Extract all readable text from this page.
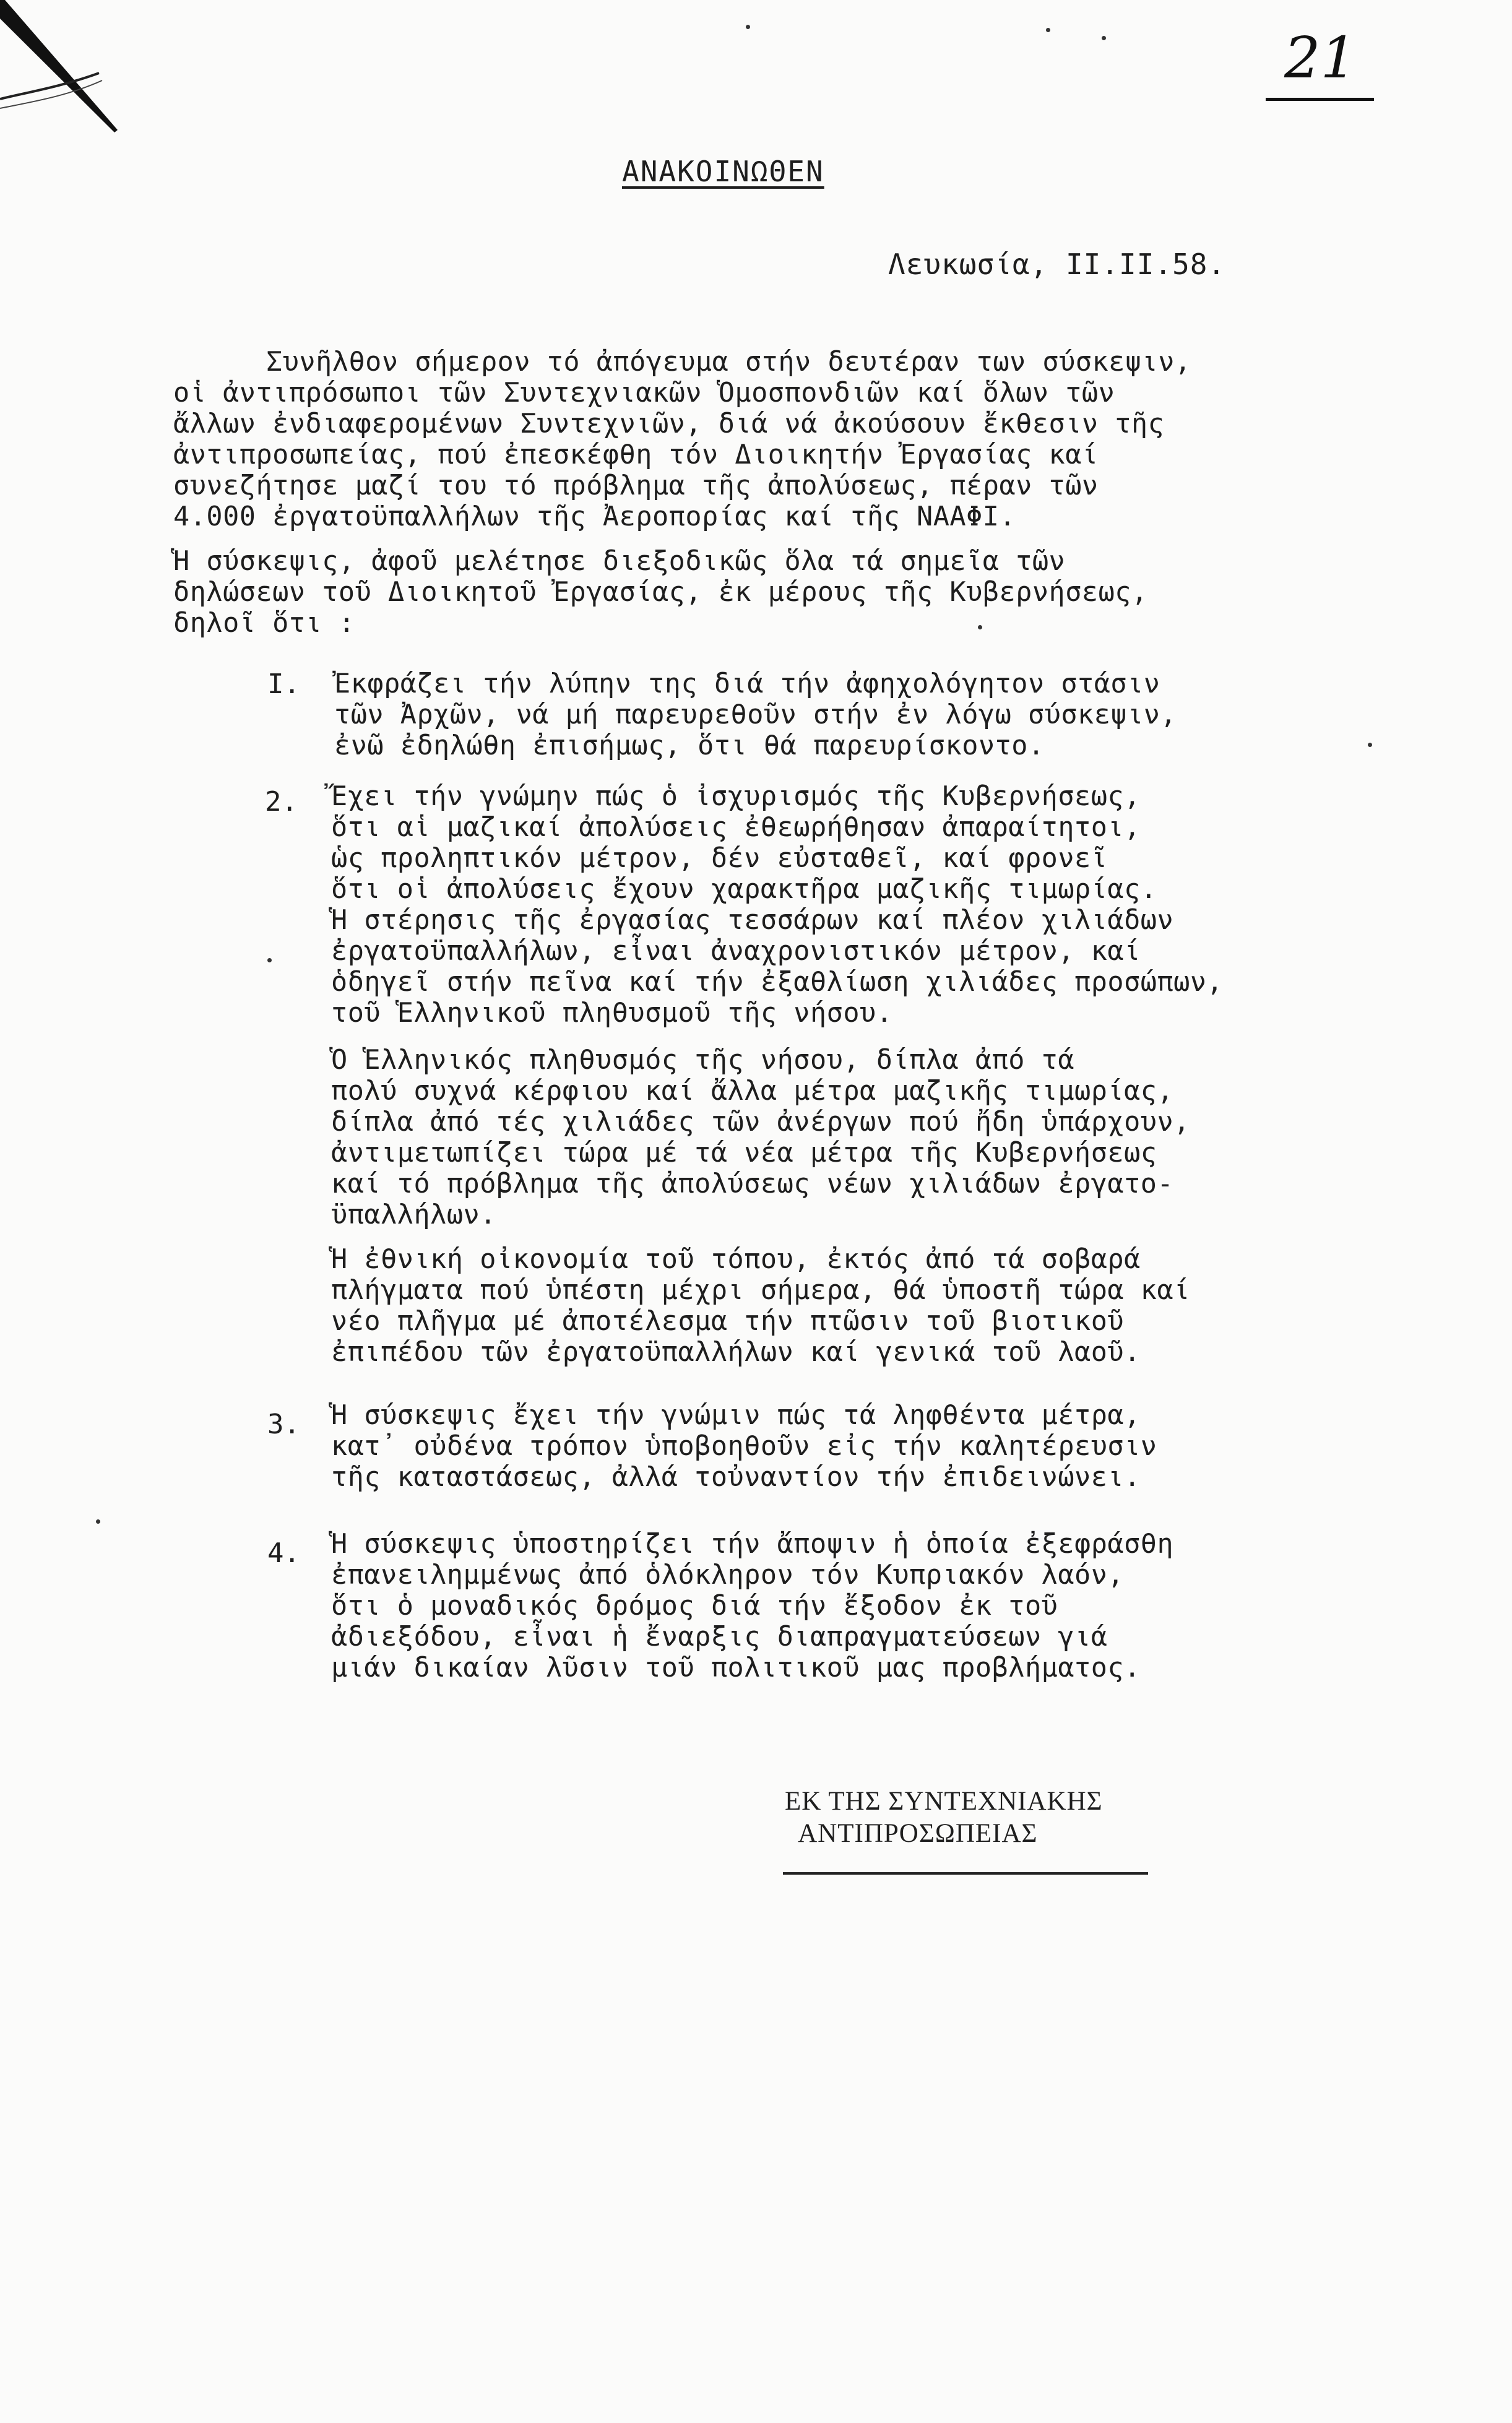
21
ΑΝΑΚΟΙΝΩΘΕΝ
Λευκωσία, ΙΙ.ΙΙ.58.
Συνῆλθον σήμερον τό ἀπόγευμα στήν δευτέραν των σύσκεψιν,
οἱ ἀντιπρόσωποι τῶν Συντεχνιακῶν Ὁμοσπονδιῶν καί ὅλων τῶν
ἄλλων ἐνδιαφερομένων Συντεχνιῶν, διά νά ἀκούσουν ἔκθεσιν τῆς
ἀντιπροσωπείας, πού ἐπεσκέφθη τόν Διοικητήν Ἐργασίας καί
συνεζήτησε μαζί του τό πρόβλημα τῆς ἀπολύσεως, πέραν τῶν
4.000 ἐργατοϋπαλλήλων τῆς Ἀεροπορίας καί τῆς ΝΑΑΦΙ.
Ἡ σύσκεψις, ἀφοῦ μελέτησε διεξοδικῶς ὅλα τά σημεῖα τῶν
δηλώσεων τοῦ Διοικητοῦ Ἐργασίας, ἐκ μέρους τῆς Κυβερνήσεως,
δηλοῖ ὅτι :
I. Ἐκφράζει τήν λύπην της διά τήν ἀφηχολόγητον στάσιν
τῶν Ἀρχῶν, νά μή παρευρεθοῦν στήν ἐν λόγω σύσκεψιν,
ἐνῶ ἐδηλώθη ἐπισήμως, ὅτι θά παρευρίσκοντο.
2. Ἔχει τήν γνώμην πώς ὁ ἰσχυρισμός τῆς Κυβερνήσεως,
ὅτι αἱ μαζικαί ἀπολύσεις ἐθεωρήθησαν ἀπαραίτητοι,
ὡς προληπτικόν μέτρον, δέν εὐσταθεῖ, καί φρονεῖ
ὅτι οἱ ἀπολύσεις ἔχουν χαρακτῆρα μαζικῆς τιμωρίας.
Ἡ στέρησις τῆς ἐργασίας τεσσάρων καί πλέον χιλιάδων
ἐργατοϋπαλλήλων, εἶναι ἀναχρονιστικόν μέτρον, καί
ὁδηγεῖ στήν πεῖνα καί τήν ἐξαθλίωση χιλιάδες προσώπων,
τοῦ Ἑλληνικοῦ πληθυσμοῦ τῆς νήσου.
Ὁ Ἑλληνικός πληθυσμός τῆς νήσου, δίπλα ἀπό τά
πολύ συχνά κέρφιου καί ἄλλα μέτρα μαζικῆς τιμωρίας,
δίπλα ἀπό τές χιλιάδες τῶν ἀνέργων πού ἤδη ὑπάρχουν,
ἀντιμετωπίζει τώρα μέ τά νέα μέτρα τῆς Κυβερνήσεως
καί τό πρόβλημα τῆς ἀπολύσεως νέων χιλιάδων ἐργατο-
ϋπαλλήλων.
Ἡ ἐθνική οἰκονομία τοῦ τόπου, ἐκτός ἀπό τά σοβαρά
πλήγματα πού ὑπέστη μέχρι σήμερα, θά ὑποστῆ τώρα καί
νέο πλῆγμα μέ ἀποτέλεσμα τήν πτῶσιν τοῦ βιοτικοῦ
ἐπιπέδου τῶν ἐργατοϋπαλλήλων καί γενικά τοῦ λαοῦ.
3. Ἡ σύσκεψις ἔχει τήν γνώμιν πώς τά ληφθέντα μέτρα,
κατ᾽ οὐδένα τρόπον ὑποβοηθοῦν εἰς τήν καλητέρευσιν
τῆς καταστάσεως, ἀλλά τοὐναντίον τήν ἐπιδεινώνει.
4. Ἡ σύσκεψις ὑποστηρίζει τήν ἄποψιν ἡ ὁποία ἐξεφράσθη
ἐπανειλημμένως ἀπό ὁλόκληρον τόν Κυπριακόν λαόν,
ὅτι ὁ μοναδικός δρόμος διά τήν ἔξοδον ἐκ τοῦ
ἀδιεξόδου, εἶναι ἡ ἔναρξις διαπραγματεύσεων γιά
μιάν δικαίαν λῦσιν τοῦ πολιτικοῦ μας προβλήματος.
ΕΚ ΤΗΣ ΣΥΝΤΕΧΝΙΑΚΗΣ
ΑΝΤΙΠΡΟΣΩΠΕΙΑΣ
